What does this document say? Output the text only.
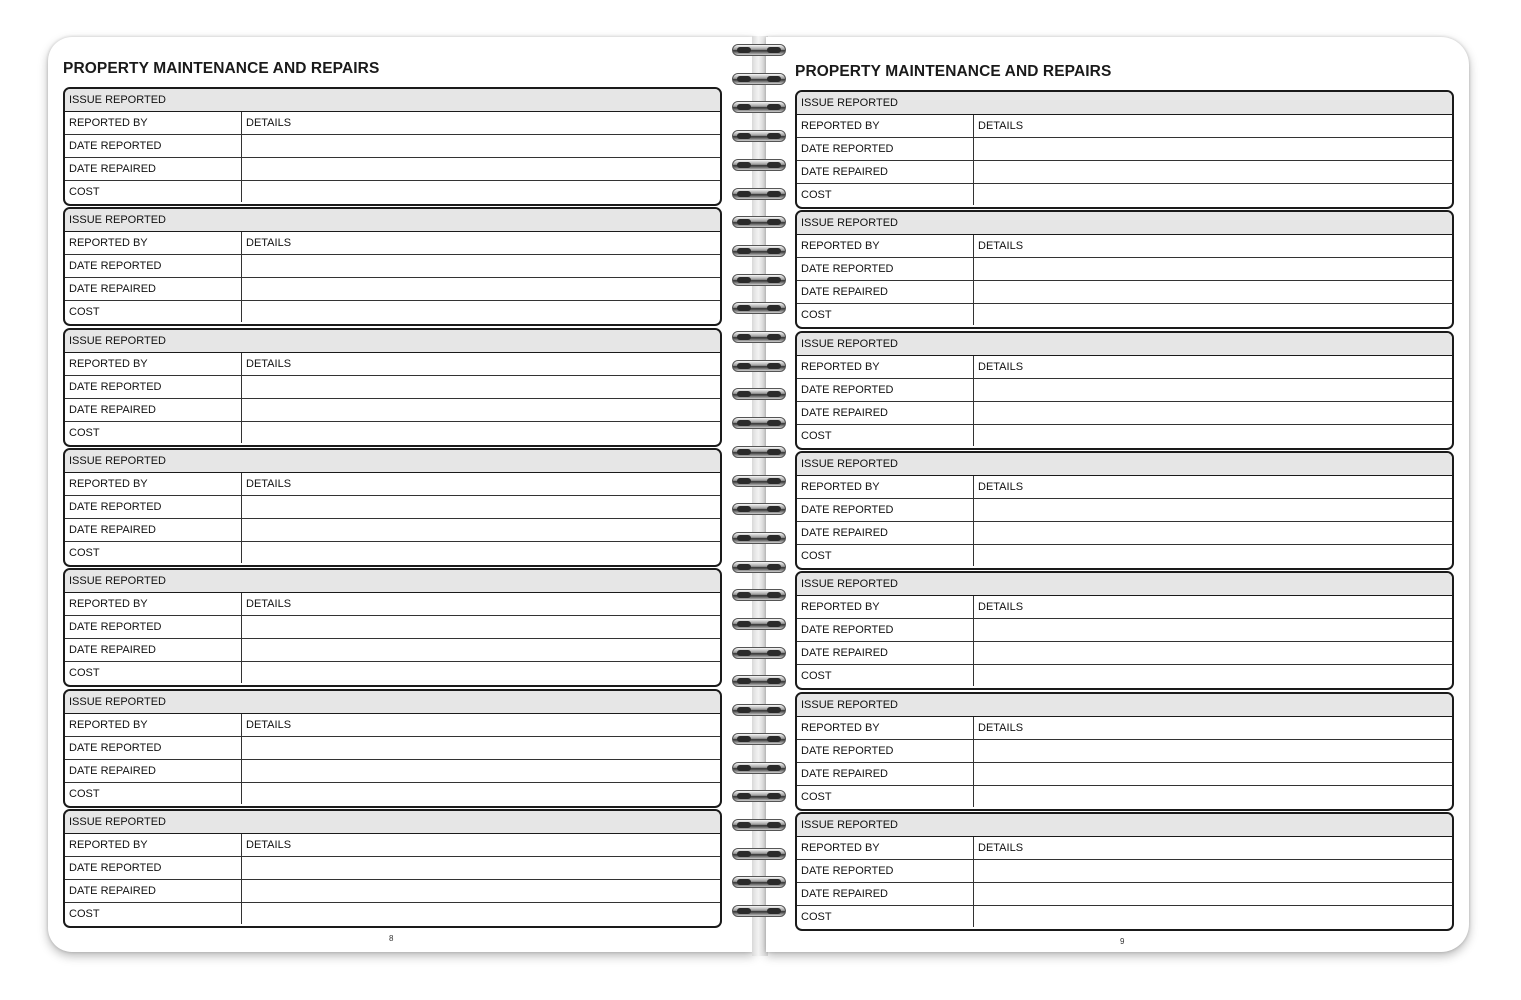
PROPERTY MAINTENANCE AND REPAIRS
ISSUE REPORTED
REPORTED BY	DETAILS
DATE REPORTED
DATE REPAIRED
COST
ISSUE REPORTED
REPORTED BY	DETAILS
DATE REPORTED
DATE REPAIRED
COST
ISSUE REPORTED
REPORTED BY	DETAILS
DATE REPORTED
DATE REPAIRED
COST
ISSUE REPORTED
REPORTED BY	DETAILS
DATE REPORTED
DATE REPAIRED
COST
ISSUE REPORTED
REPORTED BY	DETAILS
DATE REPORTED
DATE REPAIRED
COST
ISSUE REPORTED
REPORTED BY	DETAILS
DATE REPORTED
DATE REPAIRED
COST
ISSUE REPORTED
REPORTED BY	DETAILS
DATE REPORTED
DATE REPAIRED
COST
8
PROPERTY MAINTENANCE AND REPAIRS
ISSUE REPORTED
REPORTED BY	DETAILS
DATE REPORTED
DATE REPAIRED
COST
ISSUE REPORTED
REPORTED BY	DETAILS
DATE REPORTED
DATE REPAIRED
COST
ISSUE REPORTED
REPORTED BY	DETAILS
DATE REPORTED
DATE REPAIRED
COST
ISSUE REPORTED
REPORTED BY	DETAILS
DATE REPORTED
DATE REPAIRED
COST
ISSUE REPORTED
REPORTED BY	DETAILS
DATE REPORTED
DATE REPAIRED
COST
ISSUE REPORTED
REPORTED BY	DETAILS
DATE REPORTED
DATE REPAIRED
COST
ISSUE REPORTED
REPORTED BY	DETAILS
DATE REPORTED
DATE REPAIRED
COST
9
